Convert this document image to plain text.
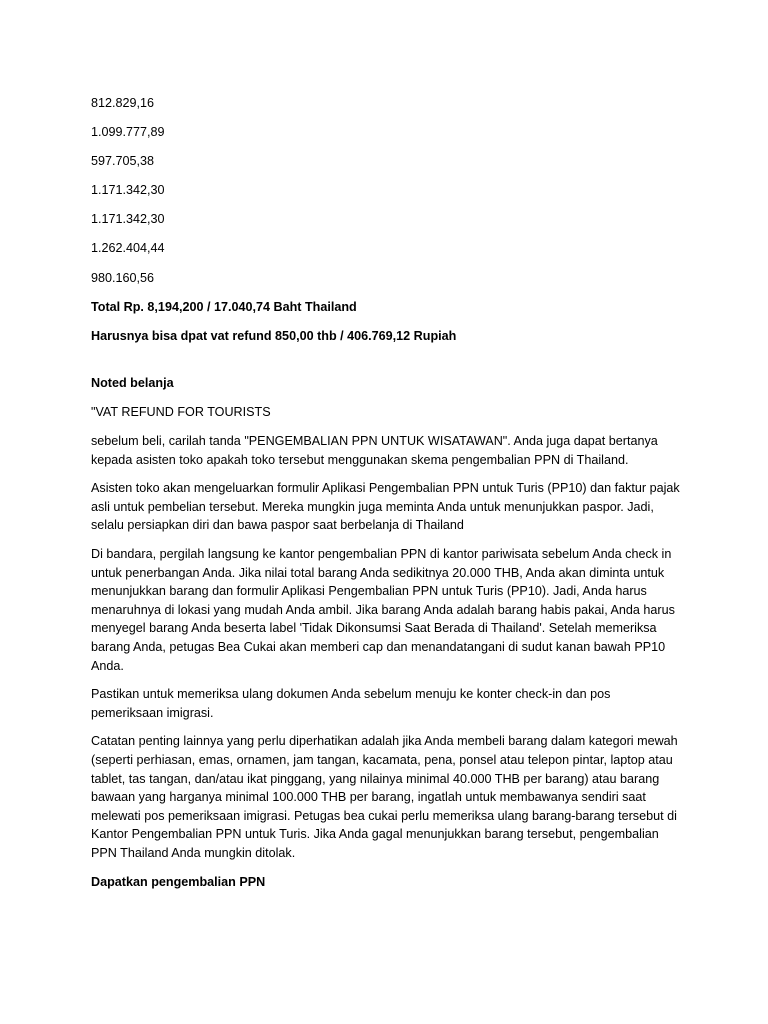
812.829,16
1.099.777,89
597.705,38
1.171.342,30
1.171.342,30
1.262.404,44
980.160,56
Total Rp. 8,194,200 / 17.040,74 Baht Thailand
Harusnya bisa dpat vat refund 850,00 thb / 406.769,12 Rupiah
Noted belanja
"VAT REFUND FOR TOURISTS

sebelum beli, carilah tanda "PENGEMBALIAN PPN UNTUK WISATAWAN". Anda juga dapat bertanya kepada asisten toko apakah toko tersebut menggunakan skema pengembalian PPN di Thailand.

Asisten toko akan mengeluarkan formulir Aplikasi Pengembalian PPN untuk Turis (PP10) dan faktur pajak asli untuk pembelian tersebut. Mereka mungkin juga meminta Anda untuk menunjukkan paspor. Jadi, selalu persiapkan diri dan bawa paspor saat berbelanja di Thailand

Di bandara, pergilah langsung ke kantor pengembalian PPN di kantor pariwisata sebelum Anda check in untuk penerbangan Anda. Jika nilai total barang Anda sedikitnya 20.000 THB, Anda akan diminta untuk menunjukkan barang dan formulir Aplikasi Pengembalian PPN untuk Turis (PP10). Jadi, Anda harus menaruhnya di lokasi yang mudah Anda ambil. Jika barang Anda adalah barang habis pakai, Anda harus menyegel barang Anda beserta label 'Tidak Dikonsumsi Saat Berada di Thailand'. Setelah memeriksa barang Anda, petugas Bea Cukai akan memberi cap dan menandatangani di sudut kanan bawah PP10 Anda.

Pastikan untuk memeriksa ulang dokumen Anda sebelum menuju ke konter check-in dan pos pemeriksaan imigrasi.

Catatan penting lainnya yang perlu diperhatikan adalah jika Anda membeli barang dalam kategori mewah (seperti perhiasan, emas, ornamen, jam tangan, kacamata, pena, ponsel atau telepon pintar, laptop atau tablet, tas tangan, dan/atau ikat pinggang, yang nilainya minimal 40.000 THB per barang) atau barang bawaan yang harganya minimal 100.000 THB per barang, ingatlah untuk membawanya sendiri saat melewati pos pemeriksaan imigrasi. Petugas bea cukai perlu memeriksa ulang barang-barang tersebut di Kantor Pengembalian PPN untuk Turis. Jika Anda gagal menunjukkan barang tersebut, pengembalian PPN Thailand Anda mungkin ditolak.

Dapatkan pengembalian PPN
